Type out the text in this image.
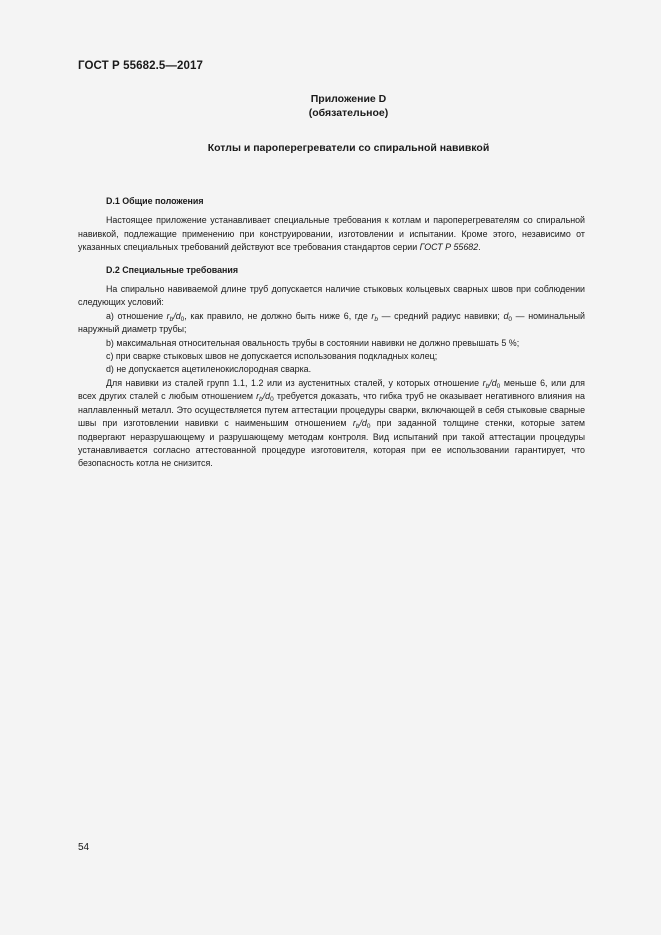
ГОСТ Р 55682.5—2017
Приложение D
(обязательное)
Котлы и пароперегреватели со спиральной навивкой
D.1 Общие положения

Настоящее приложение устанавливает специальные требования к котлам и пароперегревателям со спиральной навивкой, подлежащие применению при конструировании, изготовлении и испытании. Кроме этого, независимо от указанных специальных требований действуют все требования стандартов серии ГОСТ Р 55682.

D.2 Специальные требования

На спирально навиваемой длине труб допускается наличие стыковых кольцевых сварных швов при соблюдении следующих условий:

а) отношение $r_b/d_0$, как правило, не должно быть ниже 6, где $r_b$ — средний радиус навивки; $d_0$ — номинальный наружный диаметр трубы;

b) максимальная относительная овальность трубы в состоянии навивки не должно превышать 5 %;

с) при сварке стыковых швов не допускается использования подкладных колец;

d) не допускается ацетиленокислородная сварка.

Для навивки из сталей групп 1.1, 1.2 или из аустенитных сталей, у которых отношение $r_b/d_0$ меньше 6, или для всех других сталей с любым отношением $r_b/d_0$ требуется доказать, что гибка труб не оказывает негативного влияния на наплавленный металл. Это осуществляется путем аттестации процедуры сварки, включающей в себя стыковые сварные швы при изготовлении навивки с наименьшим отношением $r_b/d_0$ при заданной толщине стенки, которые затем подвергают неразрушающему и разрушающему методам контроля. Вид испытаний при такой аттестации процедуры устанавливается согласно аттестованной процедуре изготовителя, которая при ее использовании гарантирует, что безопасность котла не снизится.

54
